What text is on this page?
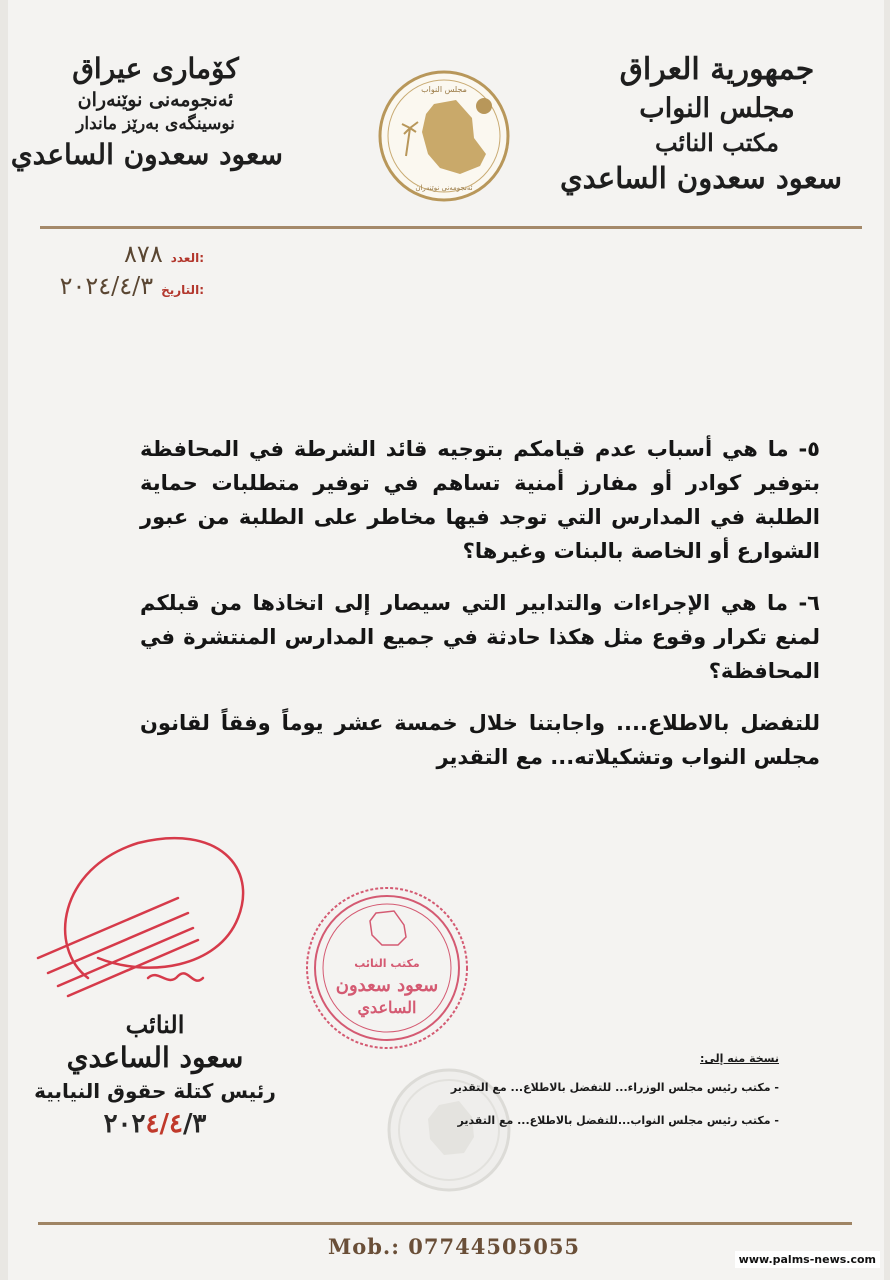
جمهورية العراق

مجلس النواب

مكتب النائب

سعود سعدون الساعدي

كۆماری عیراق

ئەنجومەنی نوێنەران

نوسینگەی بەرێز ماندار

سعود سعدون الساعدي

مجلس النواب
ئەنجومەنی نوێنەران
٨٧٨ العدد:
٢٠٢٤/٤/٣ التاريخ:

٥- ما هي أسباب عدم قيامكم بتوجيه قائد الشرطة في المحافظة بتوفير كوادر أو مفارز أمنية تساهم في توفير متطلبات حماية الطلبة في المدارس التي توجد فيها مخاطر على الطلبة من عبور الشوارع أو الخاصة بالبنات وغيرها؟

٦- ما هي الإجراءات والتدابير التي سيصار إلى اتخاذها من قبلكم لمنع تكرار وقوع مثل هكذا حادثة في جميع المدارس المنتشرة في المحافظة؟

للتفضل بالاطلاع.... واجابتنا خلال خمسة عشر يوماً وفقاً لقانون مجلس النواب وتشكيلاته... مع التقدير

النائب
سعود الساعدي
رئيس كتلة حقوق النيابية
٢٠٢٤/٤/٣
مكتب النائب
سعود سعدون
الساعدي
نسخة منه إلى:
- مكتب رئيس مجلس الوزراء... للتفضل بالاطلاع... مع التقدير
- مكتب رئيس مجلس النواب...للتفضل بالاطلاع... مع التقدير
Mob.: 07744505055
www.palms-news.com
